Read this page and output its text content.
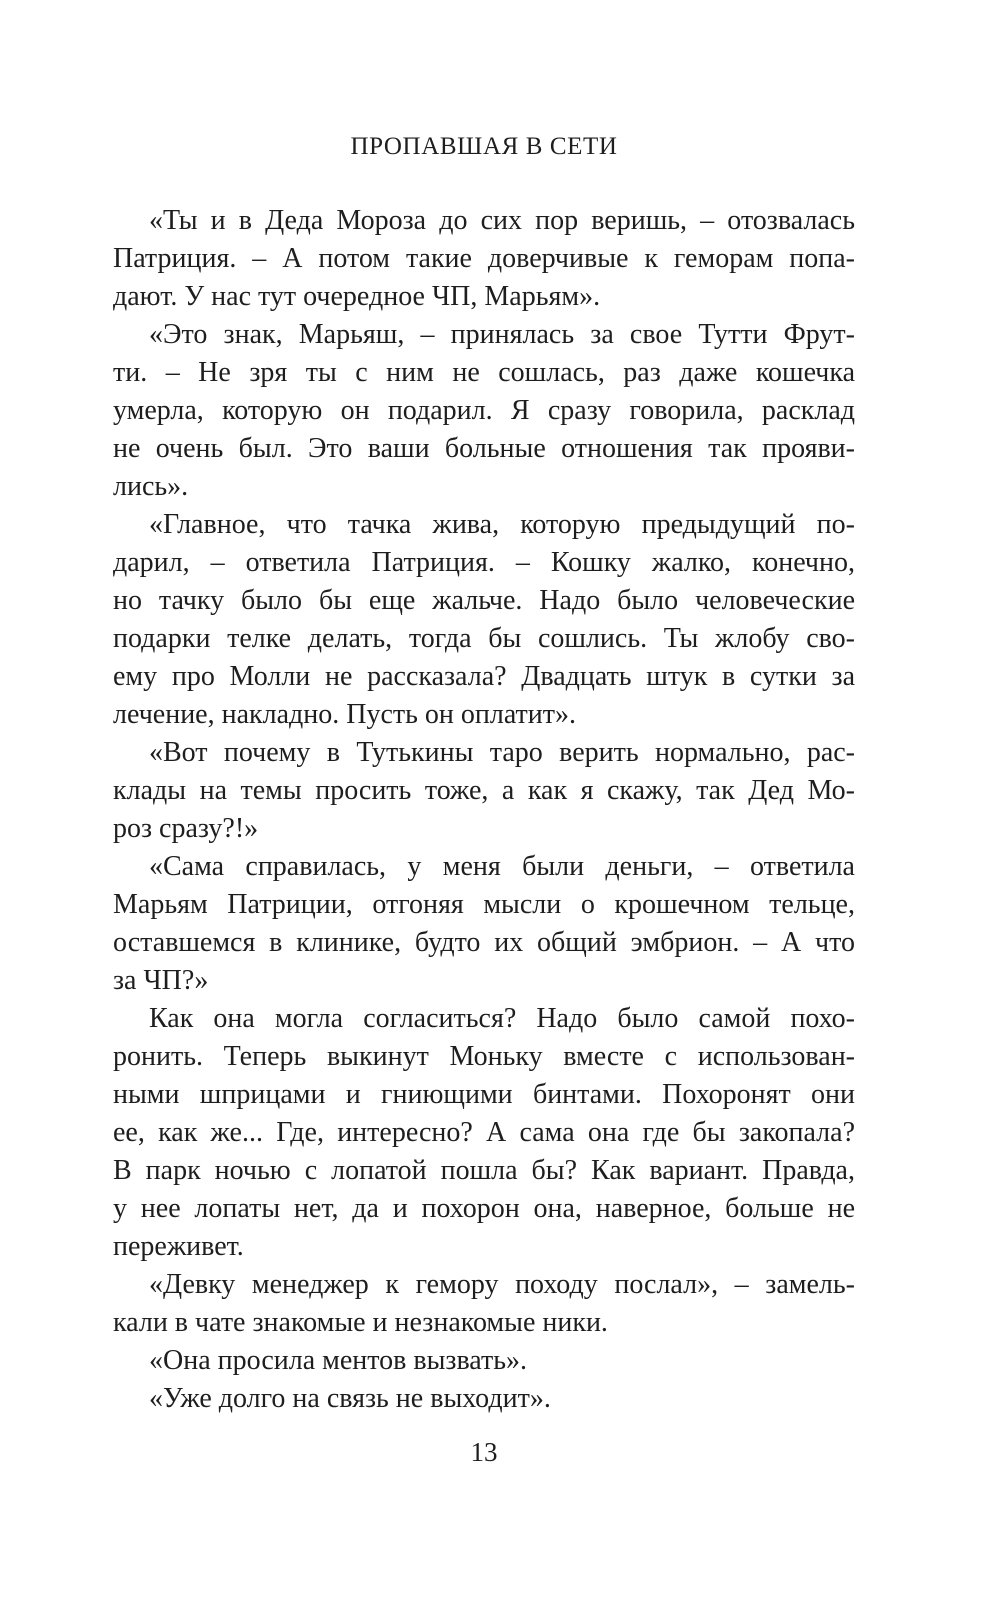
ПРОПАВШАЯ В СЕТИ

«Ты и в Деда Мороза до сих пор веришь, – отозвалась
Патриция. – А потом такие доверчивые к геморам попа-
дают. У нас тут очередное ЧП, Марьям».

«Это знак, Марьяш, – принялась за свое Тутти Фрут-
ти. – Не зря ты с ним не сошлась, раз даже кошечка
умерла, которую он подарил. Я сразу говорила, расклад
не очень был. Это ваши больные отношения так прояви-
лись».

«Главное, что тачка жива, которую предыдущий по-
дарил, – ответила Патриция. – Кошку жалко, конечно,
но тачку было бы еще жальче. Надо было человеческие
подарки телке делать, тогда бы сошлись. Ты жлобу сво-
ему про Молли не рассказала? Двадцать штук в сутки за
лечение, накладно. Пусть он оплатит».

«Вот почему в Тутькины таро верить нормально, рас-
клады на темы просить тоже, а как я скажу, так Дед Мо-
роз сразу?!»

«Сама справилась, у меня были деньги, – ответила
Марьям Патриции, отгоняя мысли о крошечном тельце,
оставшемся в клинике, будто их общий эмбрион. – А что
за ЧП?»

Как она могла согласиться? Надо было самой похо-
ронить. Теперь выкинут Моньку вместе с использован-
ными шприцами и гниющими бинтами. Похоронят они
ее, как же... Где, интересно? А сама она где бы закопала?
В парк ночью с лопатой пошла бы? Как вариант. Правда,
у нее лопаты нет, да и похорон она, наверное, больше не
переживет.

«Девку менеджер к гемору походу послал», – замель-
кали в чате знакомые и незнакомые ники.

«Она просила ментов вызвать».

«Уже долго на связь не выходит».

13
